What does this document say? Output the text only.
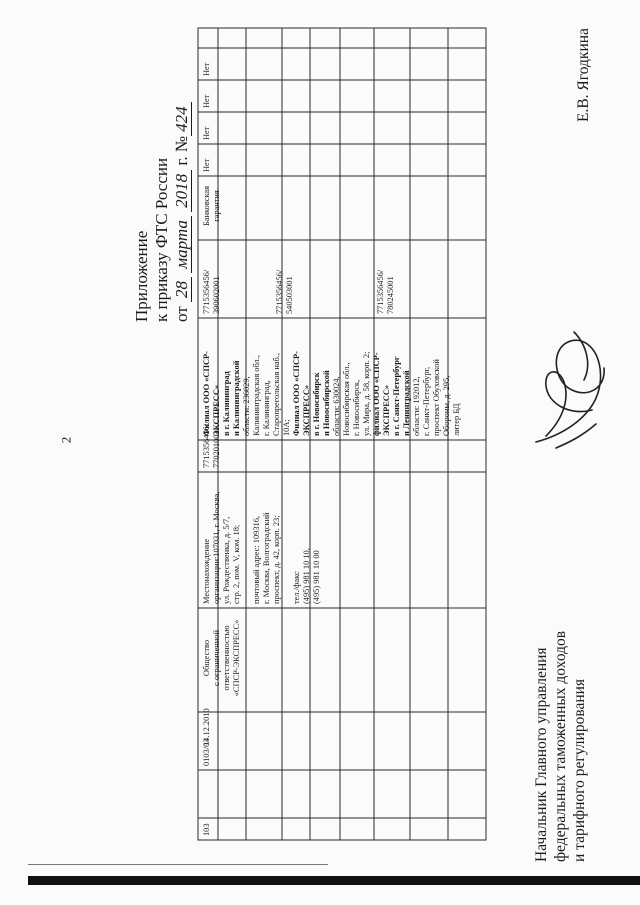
2
Приложение к приказу ФТС России от 28 марта 2018 г. №424
103
0103/03
14.12.2010
Общество с ограниченной ответственностью «СПСР-ЭКСПРЕСС»
Местонахождение организации:107031, г. Москва, ул. Рождественка, д. 5/7, стр. 2, пом. V, ком. 18; почтовый адрес: 109316, г. Москва, Волгоградский проспект, д. 42, корп. 23; тел./факс (495) 981 10 10, (495) 981 10 00
7715356456/ 770201001
Филиал ООО «СПСР- ЭКСПРЕСС» в г. Калининград и Калининградской области: 236029, Калининградская обл., г. Калининград, Старопрегольская наб., 10А; Филиал ООО «СПСР- ЭКСПРЕСС» в г. Новосибирск и Новосибирской области: 630024, Новосибирская обл., г. Новосибирск, ул. Мира, д. 58, корп. 2; филиал ООО «СПСР- ЭКСПРЕСС» в г. Санкт-Петербург и Ленинградской области: 192012, г. Санкт-Петербург, проспект Обуховской Обороны, д. 295, литер БД
7715356456/ 390602001	7715356456/ 540503001	7715356456/ 780245001
Банковская гарантия
Нет
Нет
Нет
Нет
Начальник Главного управления федеральных таможенных доходов и тарифного регулирования
Е.В. Ягодкина
